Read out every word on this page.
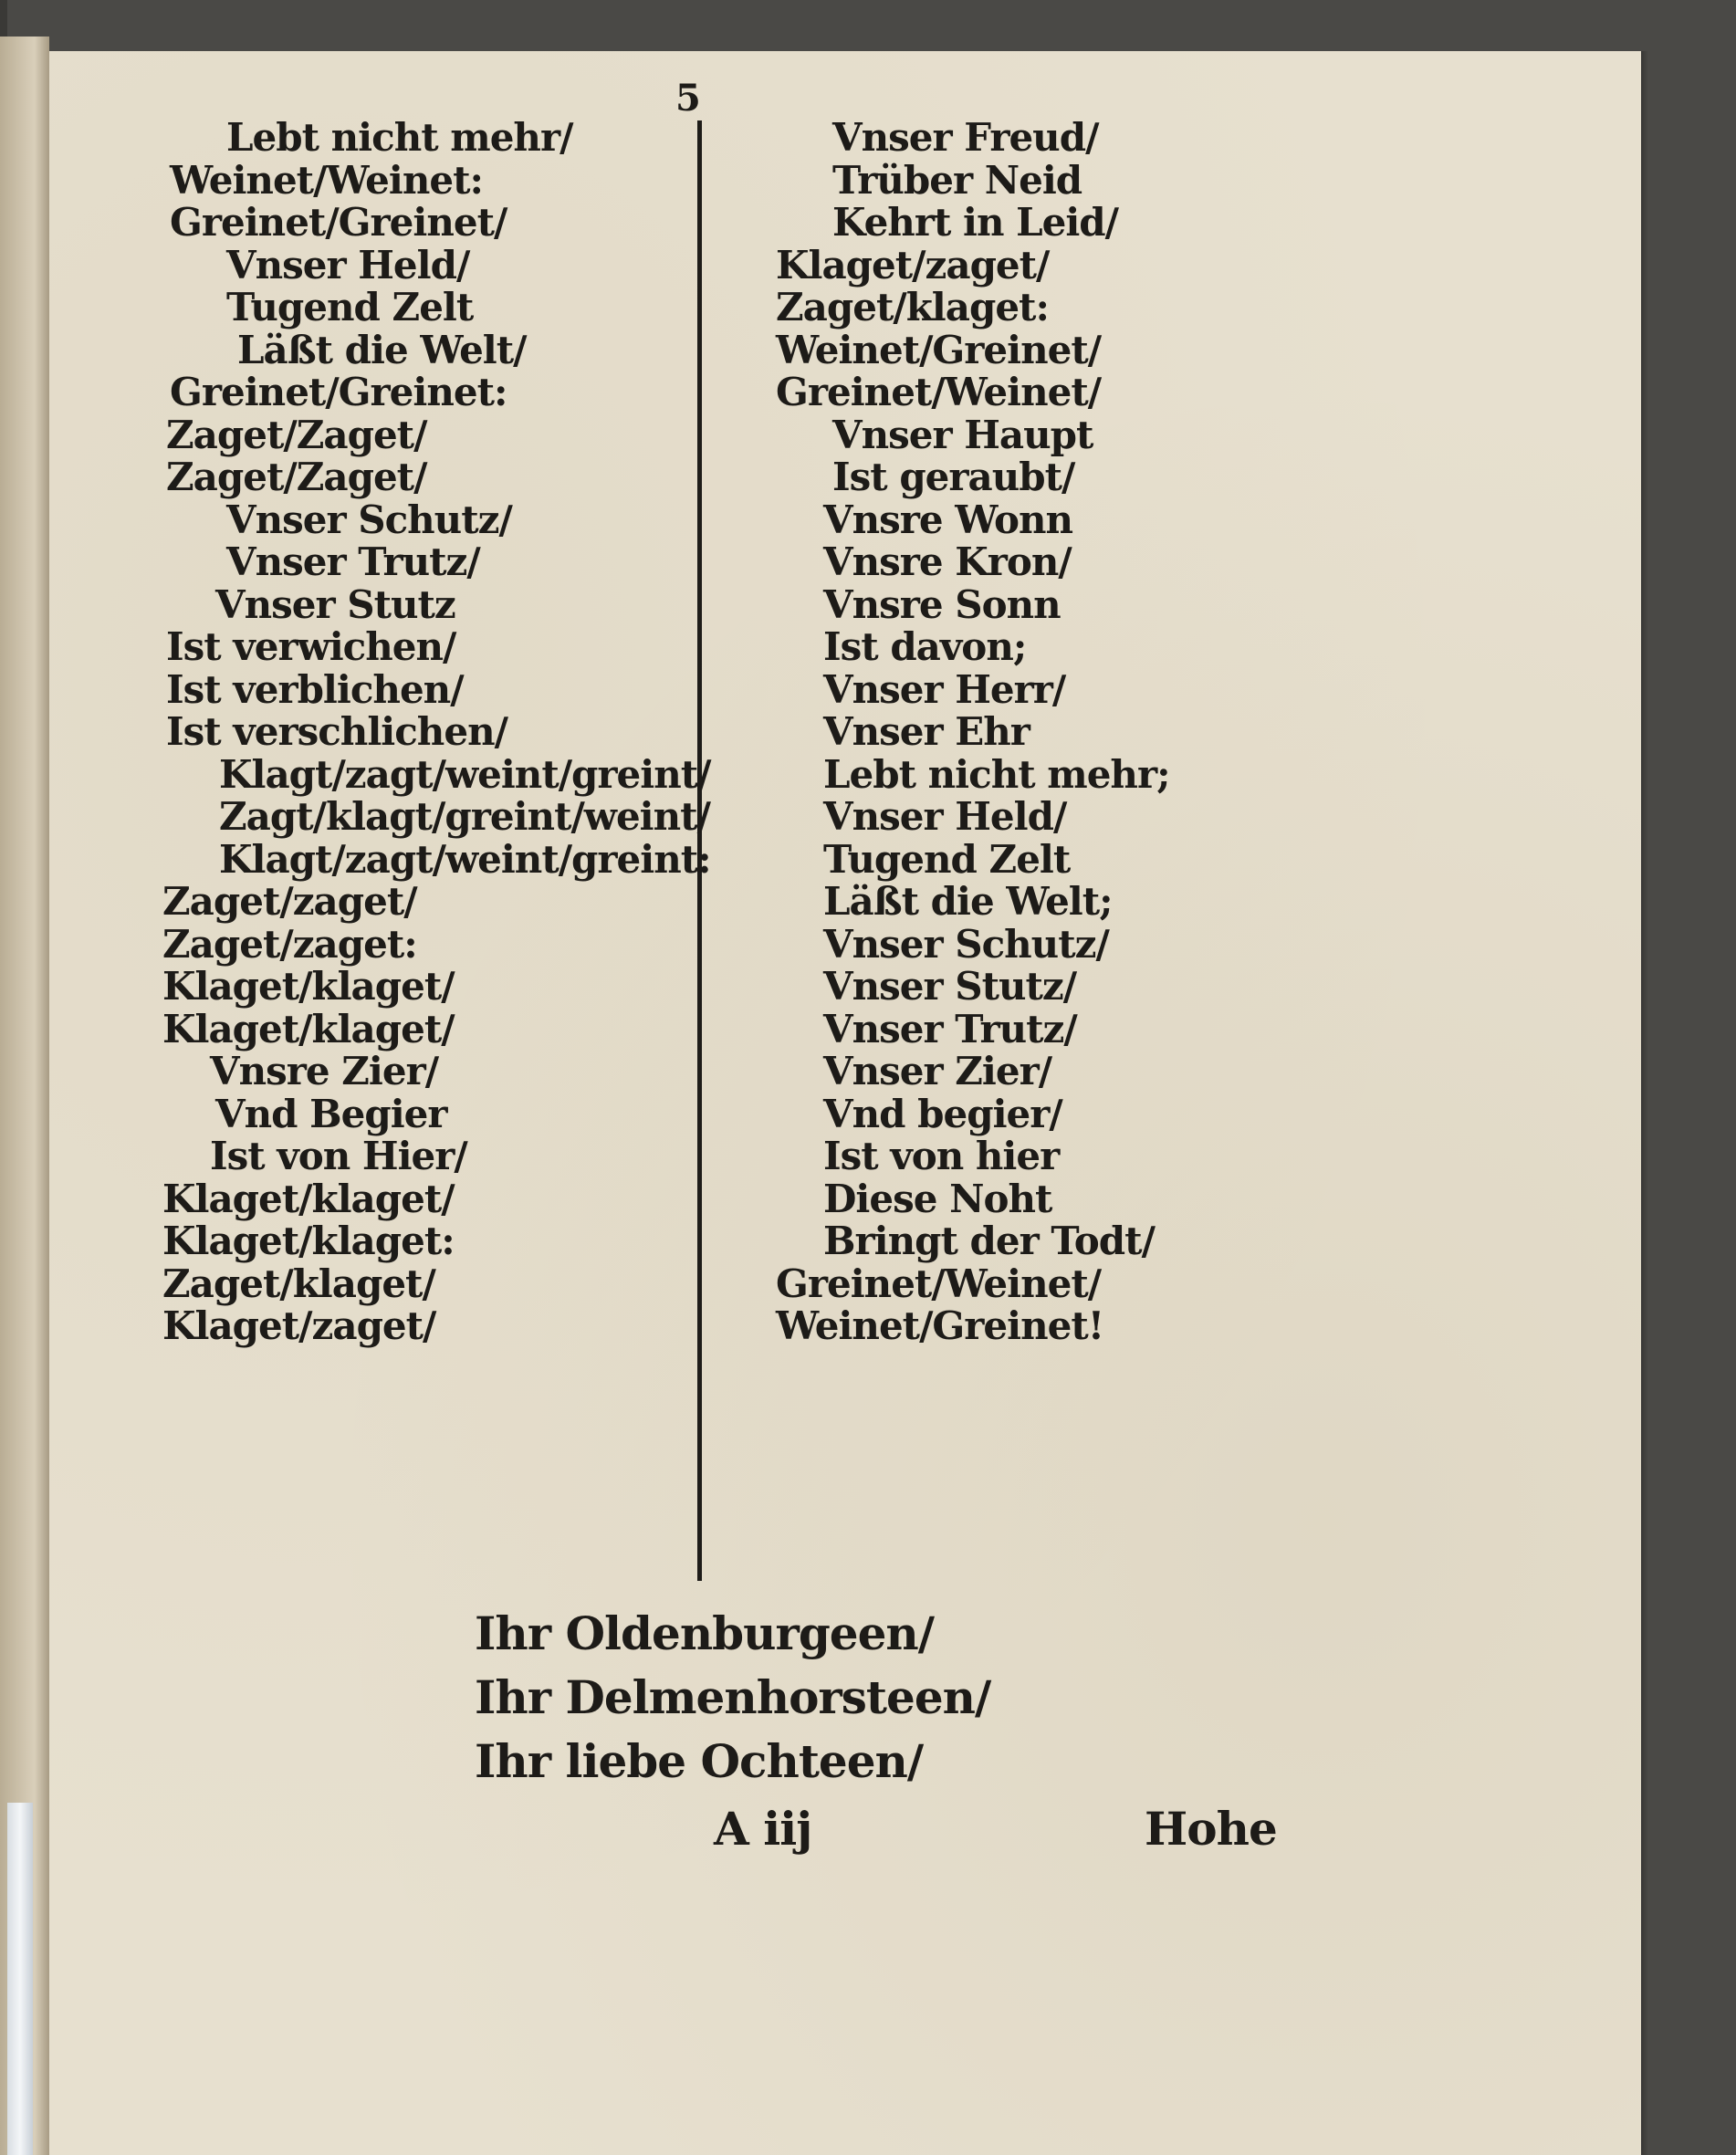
5
Lebt nicht mehr/
Weinet/Weinet:
Greinet/Greinet/
Vnser Held/
Tugend Zelt
Läßt die Welt/
Greinet/Greinet:
Zaget/Zaget/
Zaget/Zaget/
Vnser Schutz/
Vnser Trutz/
Vnser Stutz
Ist verwichen/
Ist verblichen/
Ist verschlichen/
Klagt/zagt/weint/greint/
Zagt/klagt/greint/weint/
Klagt/zagt/weint/greint:
Zaget/zaget/
Zaget/zaget:
Klaget/klaget/
Klaget/klaget/
Vnsre Zier/
Vnd Begier
Ist von Hier/
Klaget/klaget/
Klaget/klaget:
Zaget/klaget/
Klaget/zaget/
Vnser Freud/
Trüber Neid
Kehrt in Leid/
Klaget/zaget/
Zaget/klaget:
Weinet/Greinet/
Greinet/Weinet/
Vnser Haupt
Ist geraubt/
Vnsre Wonn
Vnsre Kron/
Vnsre Sonn
Ist davon;
Vnser Herr/
Vnser Ehr
Lebt nicht mehr;
Vnser Held/
Tugend Zelt
Läßt die Welt;
Vnser Schutz/
Vnser Stutz/
Vnser Trutz/
Vnser Zier/
Vnd begier/
Ist von hier
Diese Noht
Bringt der Todt/
Greinet/Weinet/
Weinet/Greinet!
Ihr Oldenburgeen/
Ihr Delmenhorsteen/
Ihr liebe Ochteen/
A iij	Hohe
